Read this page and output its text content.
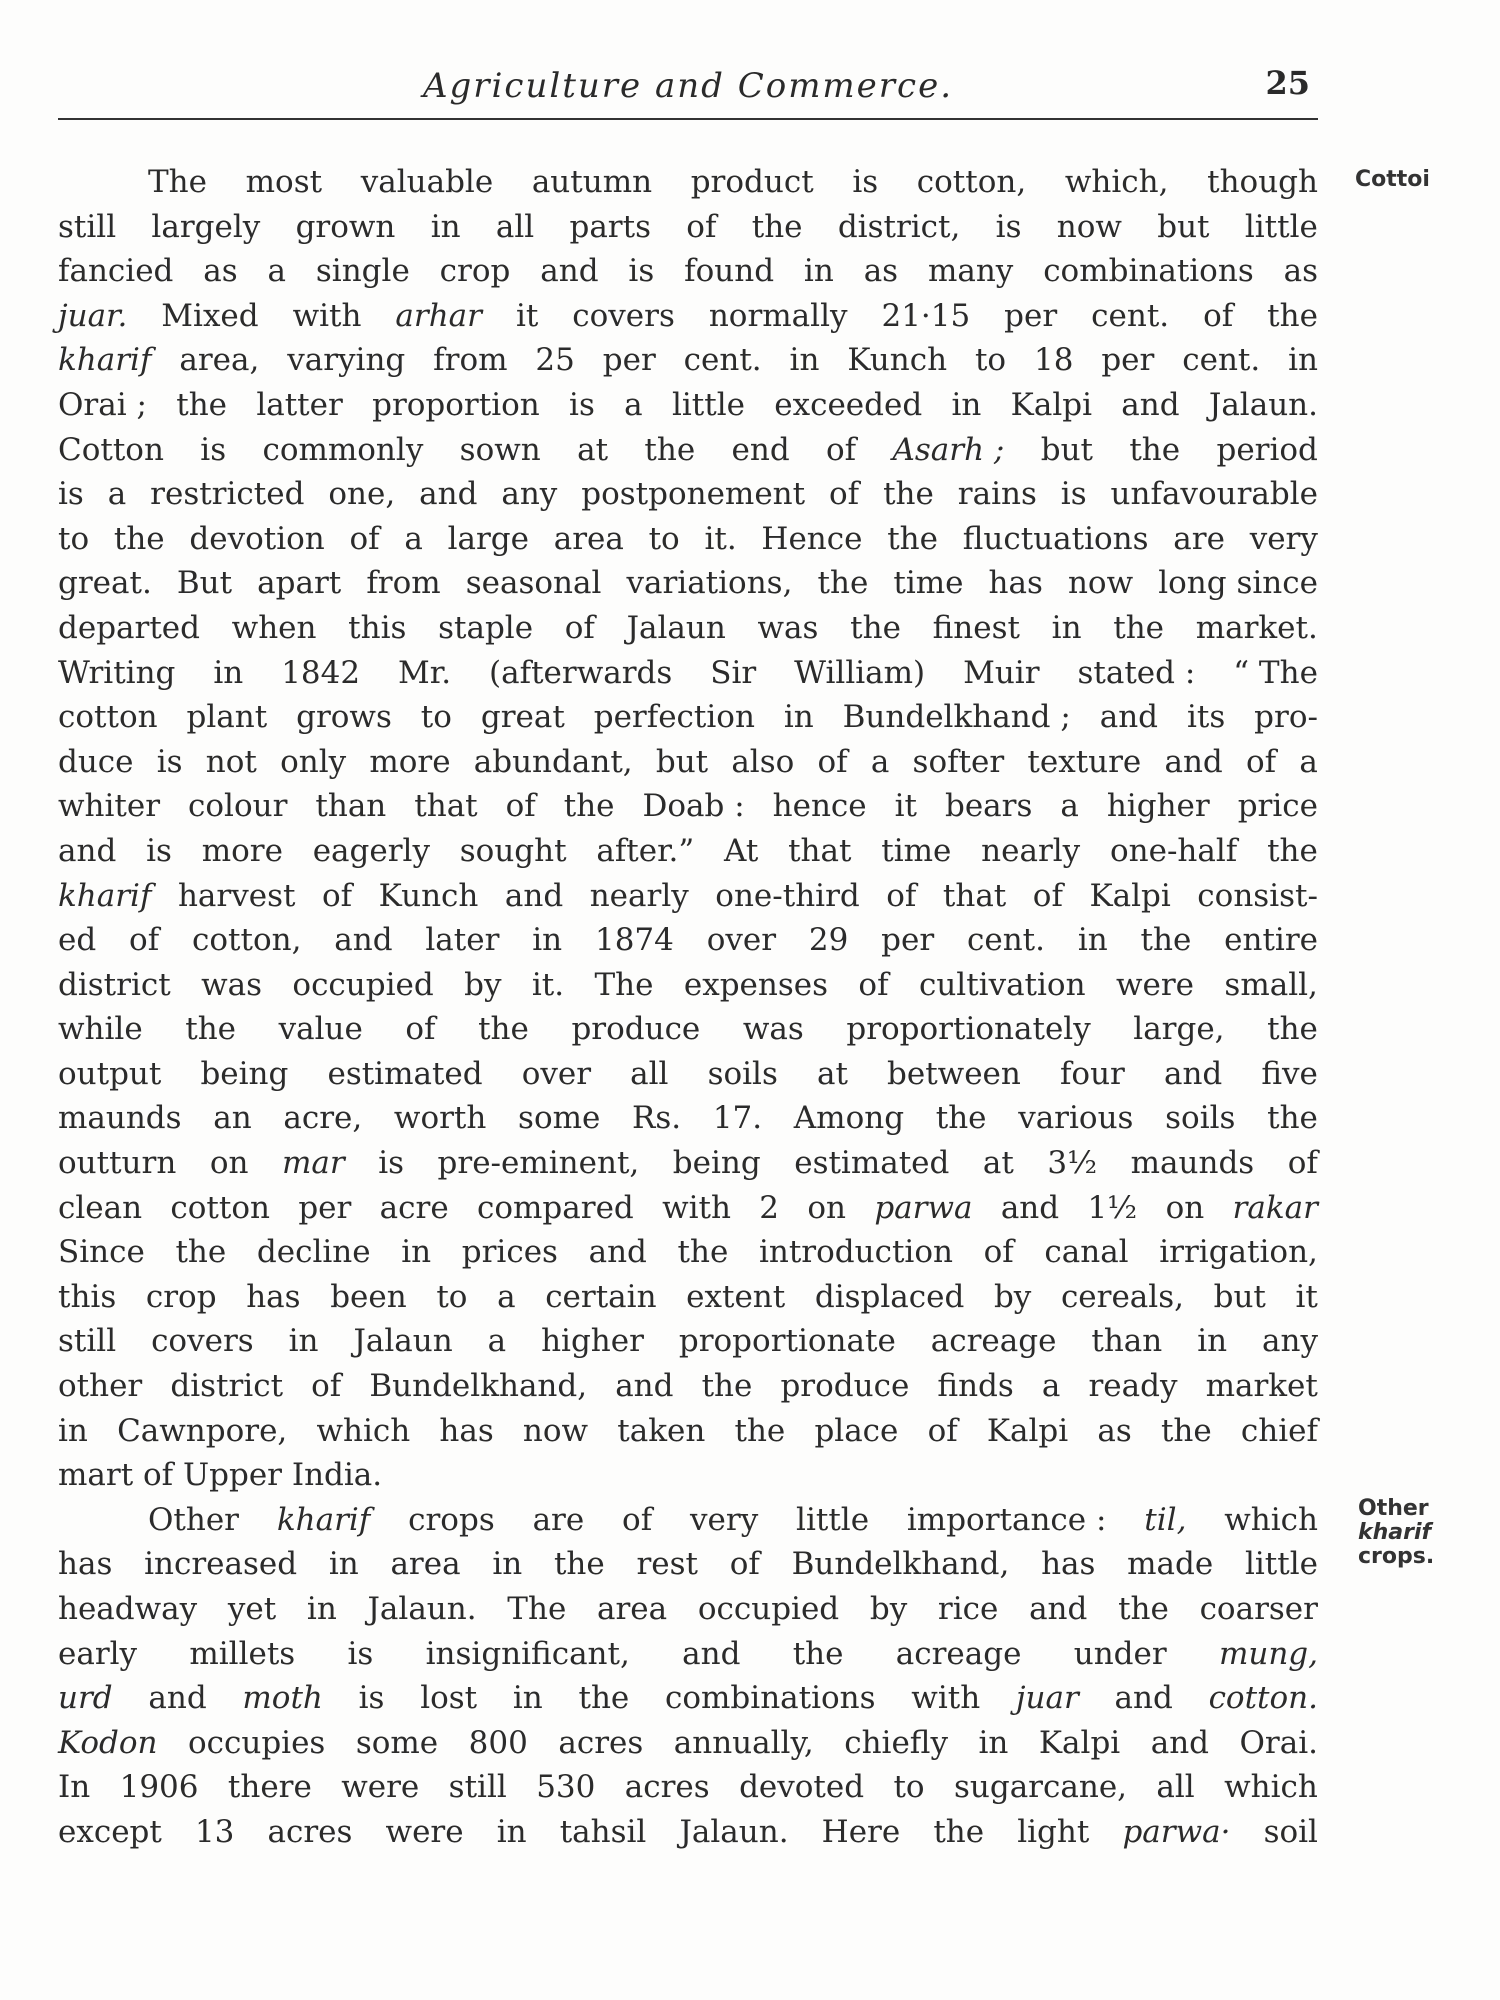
Agriculture and Commerce.	25
Cottoi
Other
kharif
crops.
The most valuable autumn product is cotton, which, though
still largely grown in all parts of the district, is now but little
fancied as a single crop and is found in as many combinations as
juar. Mixed with arhar it covers normally 21·15 per cent. of the
kharif area, varying from 25 per cent. in Kunch to 18 per cent. in
Orai ; the latter proportion is a little exceeded in Kalpi and Jalaun.
Cotton is commonly sown at the end of Asarh ; but the period
is a restricted one, and any postponement of the rains is unfavourable
to the devotion of a large area to it. Hence the fluctuations are very
great. But apart from seasonal variations, the time has now long since
departed when this staple of Jalaun was the finest in the market.
Writing in 1842 Mr. (afterwards Sir William) Muir stated : “ The
cotton plant grows to great perfection in Bundelkhand ; and its pro-
duce is not only more abundant, but also of a softer texture and of a
whiter colour than that of the Doab : hence it bears a higher price
and is more eagerly sought after.” At that time nearly one-half the
kharif harvest of Kunch and nearly one-third of that of Kalpi consist-
ed of cotton, and later in 1874 over 29 per cent. in the entire
district was occupied by it. The expenses of cultivation were small,
while the value of the produce was proportionately large, the
output being estimated over all soils at between four and five
maunds an acre, worth some Rs. 17. Among the various soils the
outturn on mar is pre-eminent, being estimated at 3½ maunds of
clean cotton per acre compared with 2 on parwa and 1½ on rakar
Since the decline in prices and the introduction of canal irrigation,
this crop has been to a certain extent displaced by cereals, but it
still covers in Jalaun a higher proportionate acreage than in any
other district of Bundelkhand, and the produce finds a ready market
in Cawnpore, which has now taken the place of Kalpi as the chief
mart of Upper India.
Other kharif crops are of very little importance : til, which
has increased in area in the rest of Bundelkhand, has made little
headway yet in Jalaun. The area occupied by rice and the coarser
early millets is insignificant, and the acreage under mung,
urd and moth is lost in the combinations with juar and cotton.
Kodon occupies some 800 acres annually, chiefly in Kalpi and Orai.
In 1906 there were still 530 acres devoted to sugarcane, all which
except 13 acres were in tahsil Jalaun. Here the light parwa· soil
